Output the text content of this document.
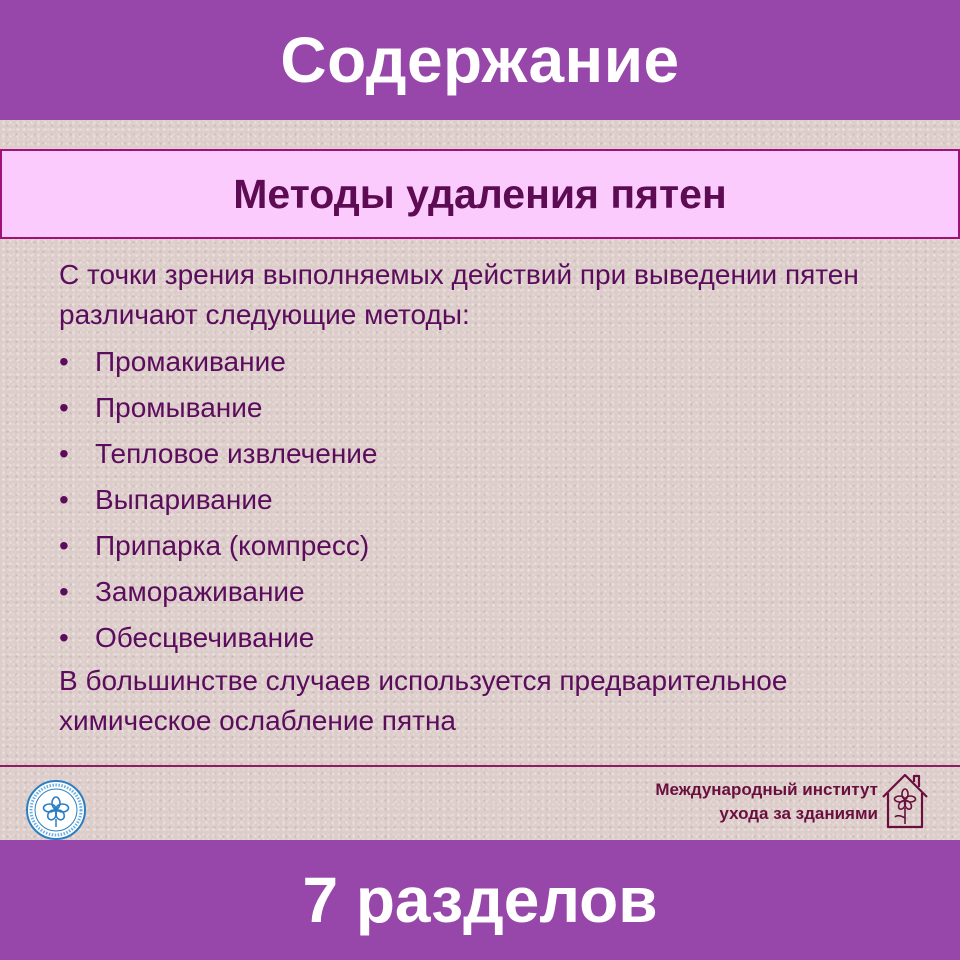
Содержание
Методы удаления пятен

С точки зрения выполняемых действий при выведении пятен различают следующие методы:

• Промакивание
• Промывание
• Тепловое извлечение
• Выпаривание
• Припарка (компресс)
• Замораживание
• Обесцвечивание

В большинстве случаев используется предварительное химическое ослабление пятна

Международный институт
ухода за зданиями
7 разделов
